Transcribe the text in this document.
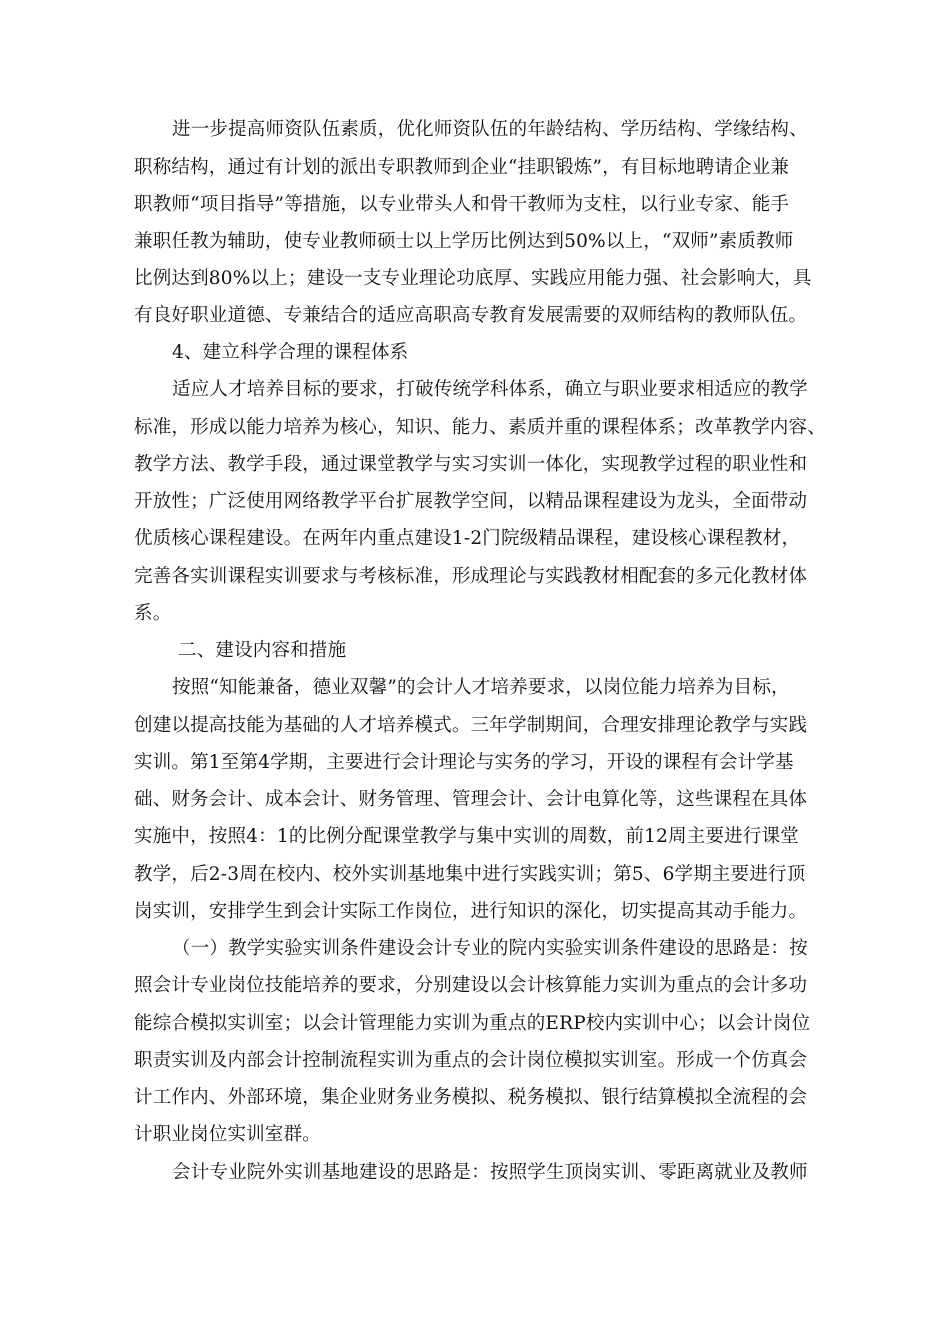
进一步提高师资队伍素质，优化师资队伍的年龄结构、学历结构、学缘结构、
职称结构，通过有计划的派出专职教师到企业“挂职锻炼”，有目标地聘请企业兼
职教师“项目指导”等措施，以专业带头人和骨干教师为支柱，以行业专家、能手
兼职任教为辅助，使专业教师硕士以上学历比例达到50%以上，“双师”素质教师
比例达到80%以上；建设一支专业理论功底厚、实践应用能力强、社会影响大，具
有良好职业道德、专兼结合的适应高职高专教育发展需要的双师结构的教师队伍。
4、建立科学合理的课程体系
适应人才培养目标的要求，打破传统学科体系，确立与职业要求相适应的教学
标准，形成以能力培养为核心，知识、能力、素质并重的课程体系；改革教学内容、
教学方法、教学手段，通过课堂教学与实习实训一体化，实现教学过程的职业性和
开放性；广泛使用网络教学平台扩展教学空间，以精品课程建设为龙头，全面带动
优质核心课程建设。在两年内重点建设1-2门院级精品课程，建设核心课程教材，
完善各实训课程实训要求与考核标准，形成理论与实践教材相配套的多元化教材体
系。
二、建设内容和措施
按照“知能兼备，德业双馨”的会计人才培养要求，以岗位能力培养为目标，
创建以提高技能为基础的人才培养模式。三年学制期间，合理安排理论教学与实践
实训。第1至第4学期，主要进行会计理论与实务的学习，开设的课程有会计学基
础、财务会计、成本会计、财务管理、管理会计、会计电算化等，这些课程在具体
实施中，按照4：1的比例分配课堂教学与集中实训的周数，前12周主要进行课堂
教学，后2-3周在校内、校外实训基地集中进行实践实训；第5、6学期主要进行顶
岗实训，安排学生到会计实际工作岗位，进行知识的深化，切实提高其动手能力。
（一）教学实验实训条件建设会计专业的院内实验实训条件建设的思路是：按
照会计专业岗位技能培养的要求，分别建设以会计核算能力实训为重点的会计多功
能综合模拟实训室；以会计管理能力实训为重点的ERP校内实训中心；以会计岗位
职责实训及内部会计控制流程实训为重点的会计岗位模拟实训室。形成一个仿真会
计工作内、外部环境，集企业财务业务模拟、税务模拟、银行结算模拟全流程的会
计职业岗位实训室群。
会计专业院外实训基地建设的思路是：按照学生顶岗实训、零距离就业及教师
